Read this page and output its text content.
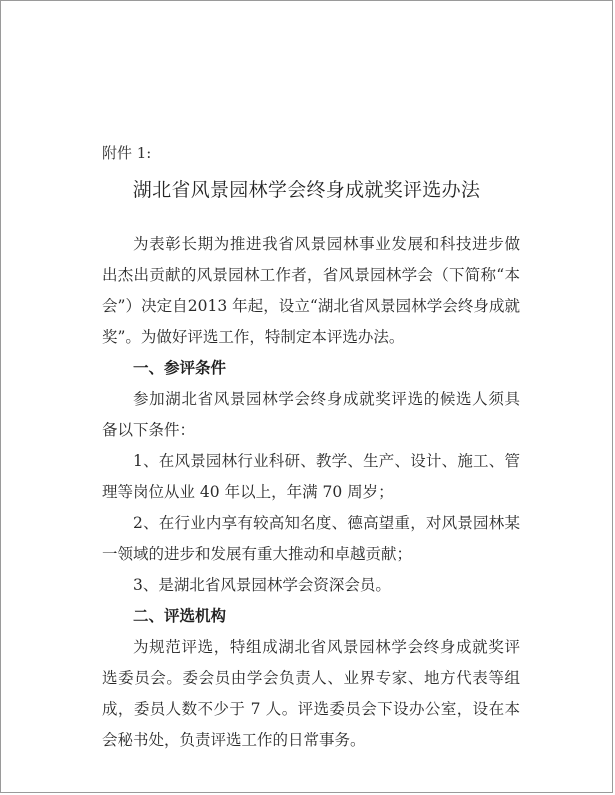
附件 1:
湖北省风景园林学会终身成就奖评选办法

为表彰长期为推进我省风景园林事业发展和科技进步做出杰出贡献的风景园林工作者，省风景园林学会（下简称“本会”）决定自2013 年起，设立“湖北省风景园林学会终身成就奖”。为做好评选工作，特制定本评选办法。

一、参评条件

参加湖北省风景园林学会终身成就奖评选的候选人须具备以下条件：

1、在风景园林行业科研、教学、生产、设计、施工、管理等岗位从业 40 年以上，年满 70 周岁；

2、在行业内享有较高知名度、德高望重，对风景园林某一领域的进步和发展有重大推动和卓越贡献；

3、是湖北省风景园林学会资深会员。

二、评选机构

为规范评选，特组成湖北省风景园林学会终身成就奖评选委员会。委会员由学会负责人、业界专家、地方代表等组成，委员人数不少于 7 人。评选委员会下设办公室，设在本会秘书处，负责评选工作的日常事务。
